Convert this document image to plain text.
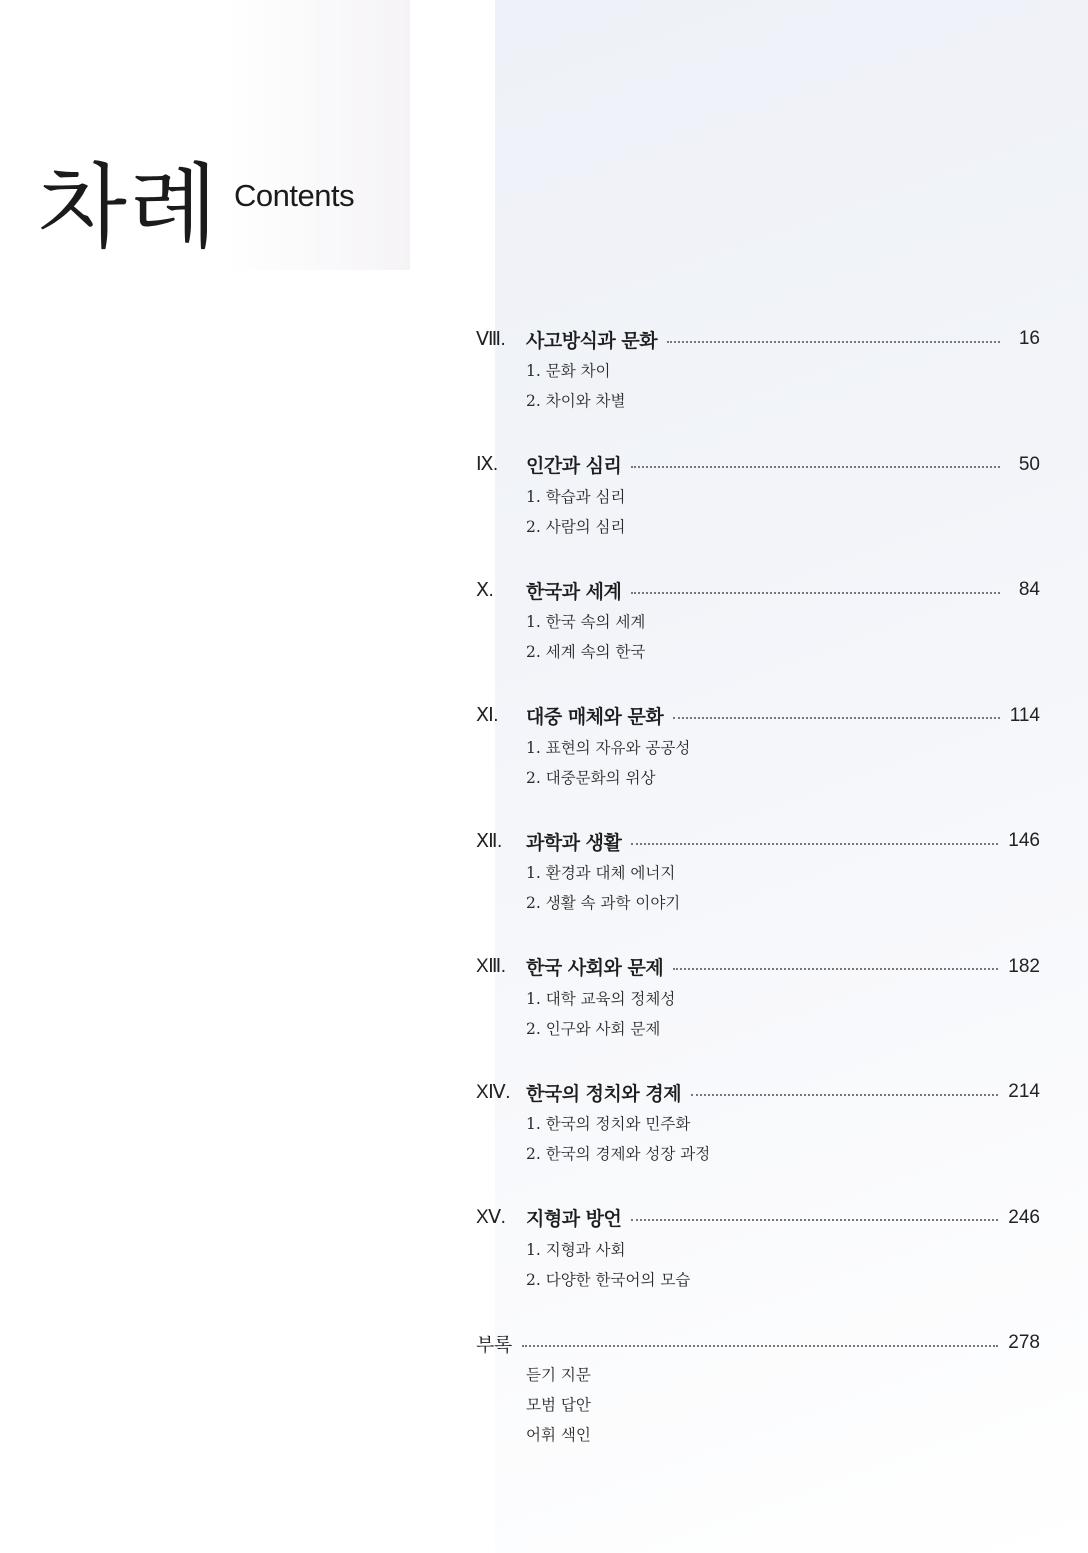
차례 Contents
Ⅷ.	사고방식과 문화	16
1. 문화 차이
2. 차이와 차별
Ⅸ.	인간과 심리	50
1. 학습과 심리
2. 사람의 심리
Ⅹ.	한국과 세계	84
1. 한국 속의 세계
2. 세계 속의 한국
Ⅺ.	대중 매체와 문화	114
1. 표현의 자유와 공공성
2. 대중문화의 위상
Ⅻ.	과학과 생활	146
1. 환경과 대체 에너지
2. 생활 속 과학 이야기
XⅢ.	한국 사회와 문제	182
1. 대학 교육의 정체성
2. 인구와 사회 문제
XⅣ. 한국의 정치와 경제	214
1. 한국의 정치와 민주화
2. 한국의 경제와 성장 과정
XⅤ.	지형과 방언	246
1. 지형과 사회
2. 다양한 한국어의 모습
부록	278
듣기 지문
모범 답안
어휘 색인
